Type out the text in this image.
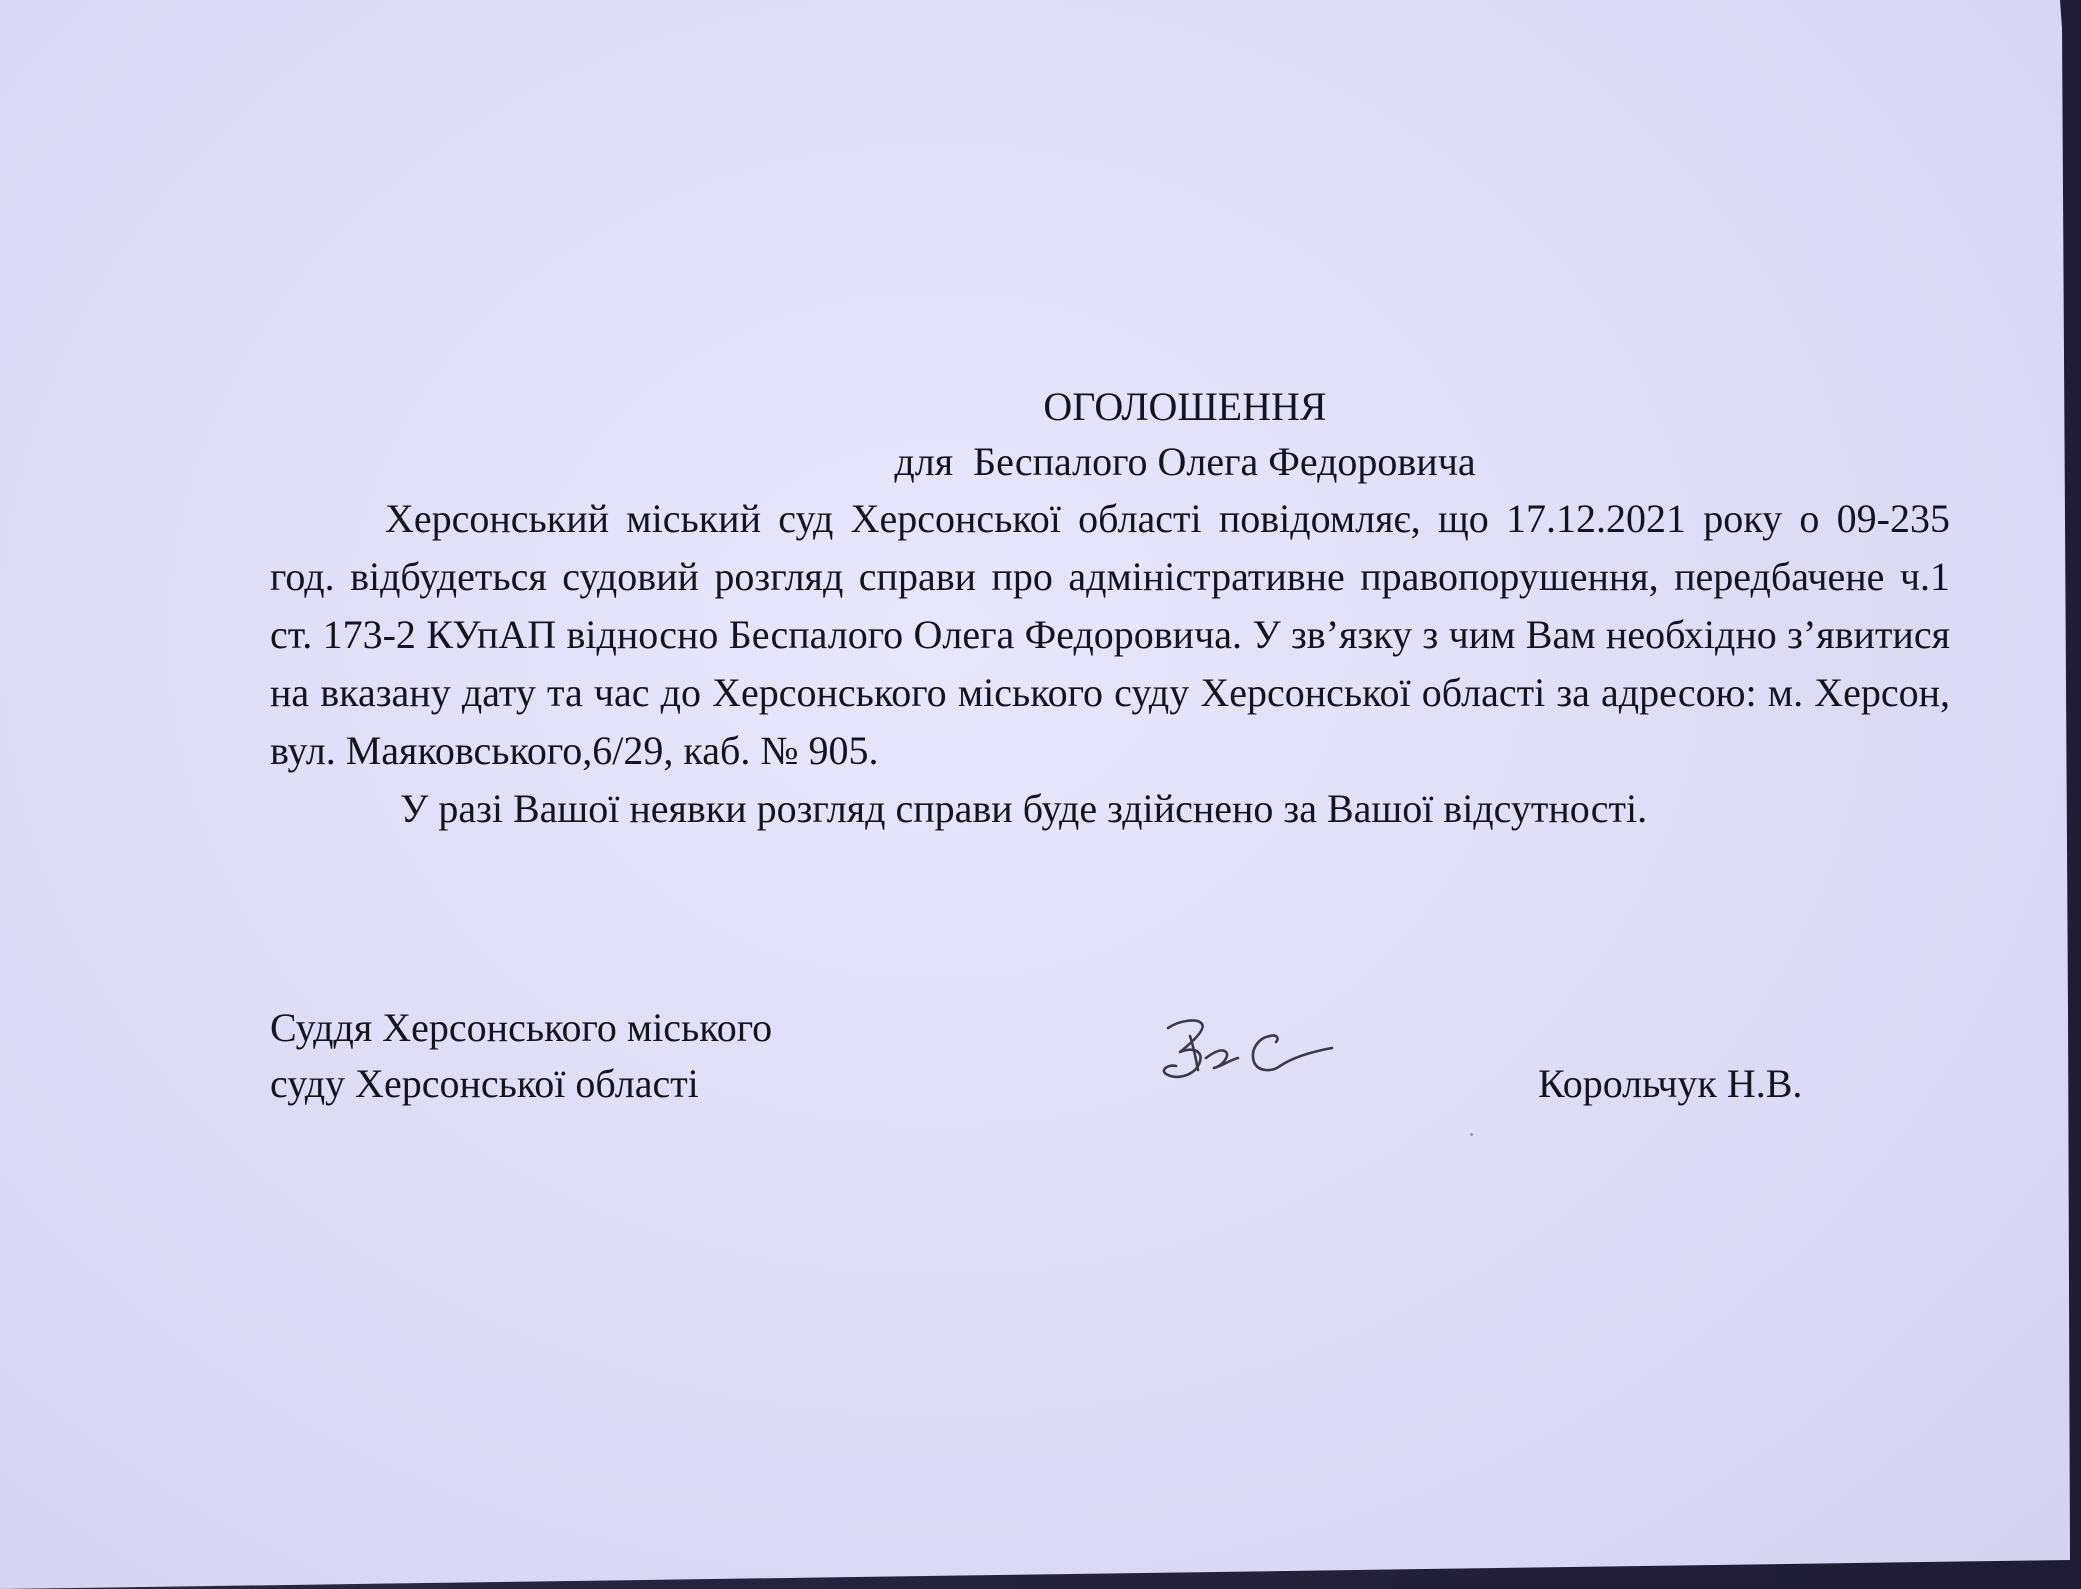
ОГОЛОШЕННЯ
для  Беспалого Олега Федоровича

Херсонський міський суд Херсонської області повідомляє, що 17.12.2021 року о 09-235 год. відбудеться судовий розгляд справи про адміністративне правопорушення, передбачене ч.1 ст. 173-2 КУпАП відносно Беспалого Олега Федоровича. У зв’язку з чим Вам необхідно з’явитися на вказану дату та час до Херсонського міського суду Херсонської області за адресою: м. Херсон, вул. Маяковського,6/29, каб. № 905.

У разі Вашої неявки розгляд справи буде здійснено за Вашої відсутності.

Суддя Херсонського міського
суду Херсонської області	Корольчук Н.В.
